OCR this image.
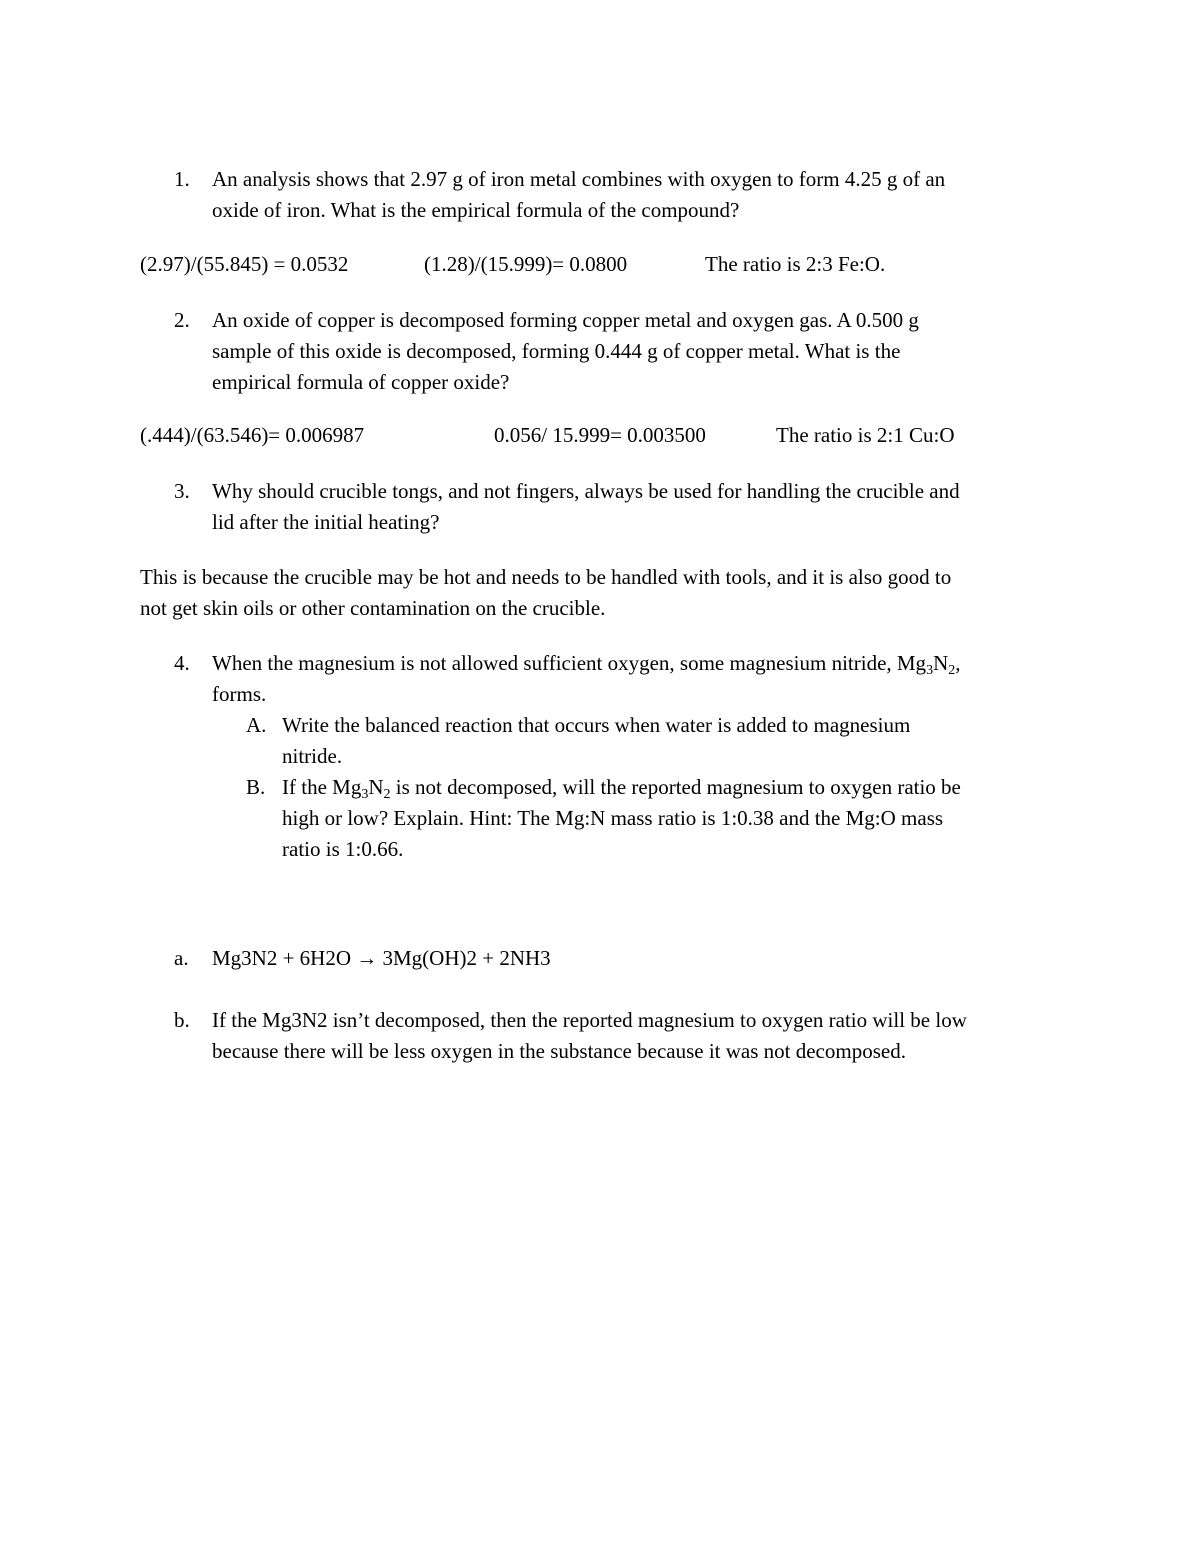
1. An analysis shows that 2.97 g of iron metal combines with oxygen to form 4.25 g of an
oxide of iron. What is the empirical formula of the compound?
(2.97)/(55.845) = 0.0532	(1.28)/(15.999)= 0.0800	The ratio is 2:3 Fe:O.
2. An oxide of copper is decomposed forming copper metal and oxygen gas. A 0.500 g
sample of this oxide is decomposed, forming 0.444 g of copper metal. What is the
empirical formula of copper oxide?
(.444)/(63.546)= 0.006987	0.056/ 15.999= 0.003500	The ratio is 2:1 Cu:O
3. Why should crucible tongs, and not fingers, always be used for handling the crucible and
lid after the initial heating?
This is because the crucible may be hot and needs to be handled with tools, and it is also good to
not get skin oils or other contamination on the crucible.
4. When the magnesium is not allowed sufficient oxygen, some magnesium nitride, $Mg_3N_2$,
forms.
A. Write the balanced reaction that occurs when water is added to magnesium
nitride.
B. If the $Mg_3N_2$ is not decomposed, will the reported magnesium to oxygen ratio be
high or low? Explain. Hint: The Mg:N mass ratio is 1:0.38 and the Mg:O mass
ratio is 1:0.66.
a. Mg3N2 + 6H2O → 3Mg(OH)2 + 2NH3
b. If the Mg3N2 isn’t decomposed, then the reported magnesium to oxygen ratio will be low
because there will be less oxygen in the substance because it was not decomposed.
